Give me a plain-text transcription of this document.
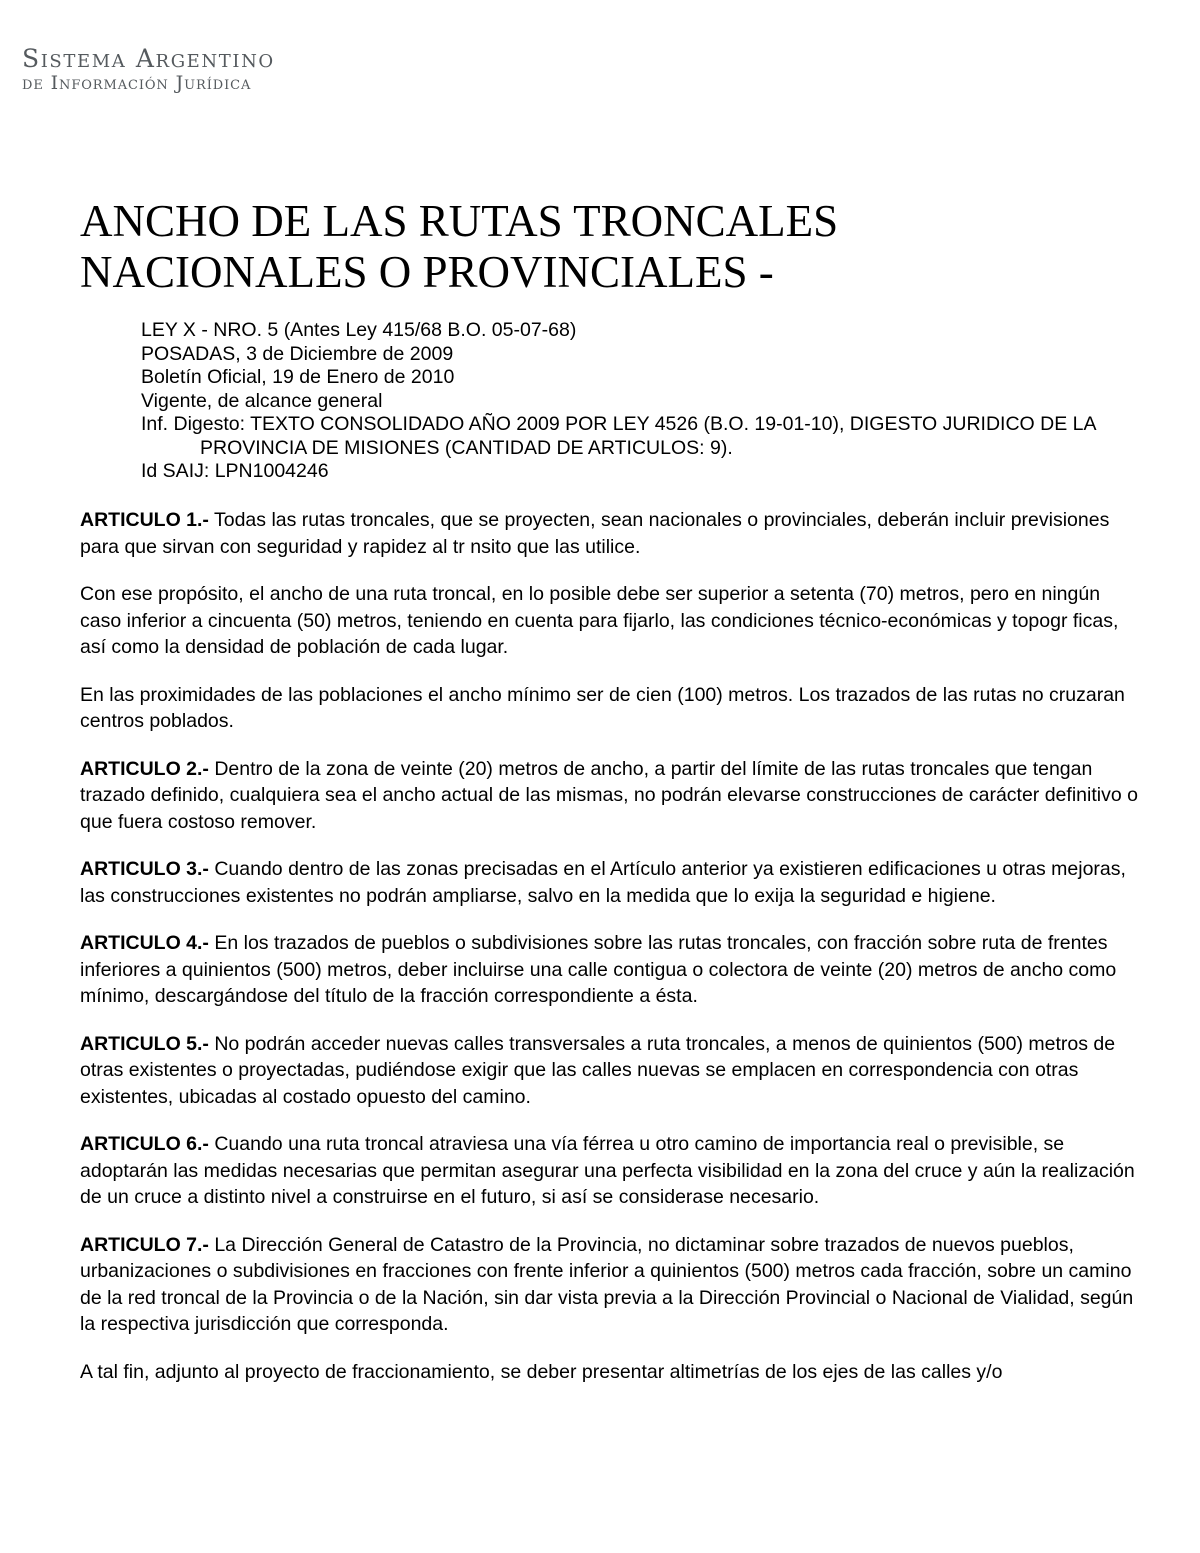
Sistema Argentino
de Información Jurídica
ANCHO DE LAS RUTAS TRONCALES
NACIONALES O PROVINCIALES -
LEY X - NRO. 5 (Antes Ley 415/68 B.O. 05-07-68)
POSADAS, 3 de Diciembre de 2009
Boletín Oficial, 19 de Enero de 2010
Vigente, de alcance general
Inf. Digesto: TEXTO CONSOLIDADO AÑO 2009 POR LEY 4526 (B.O. 19-01-10), DIGESTO JURIDICO DE LA
PROVINCIA DE MISIONES (CANTIDAD DE ARTICULOS: 9).
Id SAIJ: LPN1004246

ARTICULO 1.- Todas las rutas troncales, que se proyecten, sean nacionales o provinciales, deberán incluir previsiones para que sirvan con seguridad y rapidez al tr nsito que las utilice.

Con ese propósito, el ancho de una ruta troncal, en lo posible debe ser superior a setenta (70) metros, pero en ningún caso inferior a cincuenta (50) metros, teniendo en cuenta para fijarlo, las condiciones técnico-económicas y topogr ficas, así como la densidad de población de cada lugar.

En las proximidades de las poblaciones el ancho mínimo ser de cien (100) metros. Los trazados de las rutas no cruzaran centros poblados.

ARTICULO 2.- Dentro de la zona de veinte (20) metros de ancho, a partir del límite de las rutas troncales que tengan trazado definido, cualquiera sea el ancho actual de las mismas, no podrán elevarse construcciones de carácter definitivo o que fuera costoso remover.

ARTICULO 3.- Cuando dentro de las zonas precisadas en el Artículo anterior ya existieren edificaciones u otras mejoras, las construcciones existentes no podrán ampliarse, salvo en la medida que lo exija la seguridad e higiene.

ARTICULO 4.- En los trazados de pueblos o subdivisiones sobre las rutas troncales, con fracción sobre ruta de frentes inferiores a quinientos (500) metros, deber incluirse una calle contigua o colectora de veinte (20) metros de ancho como mínimo, descargándose del título de la fracción correspondiente a ésta.

ARTICULO 5.- No podrán acceder nuevas calles transversales a ruta troncales, a menos de quinientos (500) metros de otras existentes o proyectadas, pudiéndose exigir que las calles nuevas se emplacen en correspondencia con otras existentes, ubicadas al costado opuesto del camino.

ARTICULO 6.- Cuando una ruta troncal atraviesa una vía férrea u otro camino de importancia real o previsible, se adoptarán las medidas necesarias que permitan asegurar una perfecta visibilidad en la zona del cruce y aún la realización de un cruce a distinto nivel a construirse en el futuro, si así se considerase necesario.

ARTICULO 7.- La Dirección General de Catastro de la Provincia, no dictaminar sobre trazados de nuevos pueblos, urbanizaciones o subdivisiones en fracciones con frente inferior a quinientos (500) metros cada fracción, sobre un camino de la red troncal de la Provincia o de la Nación, sin dar vista previa a la Dirección Provincial o Nacional de Vialidad, según la respectiva jurisdicción que corresponda.

A tal fin, adjunto al proyecto de fraccionamiento, se deber presentar altimetrías de los ejes de las calles y/o
